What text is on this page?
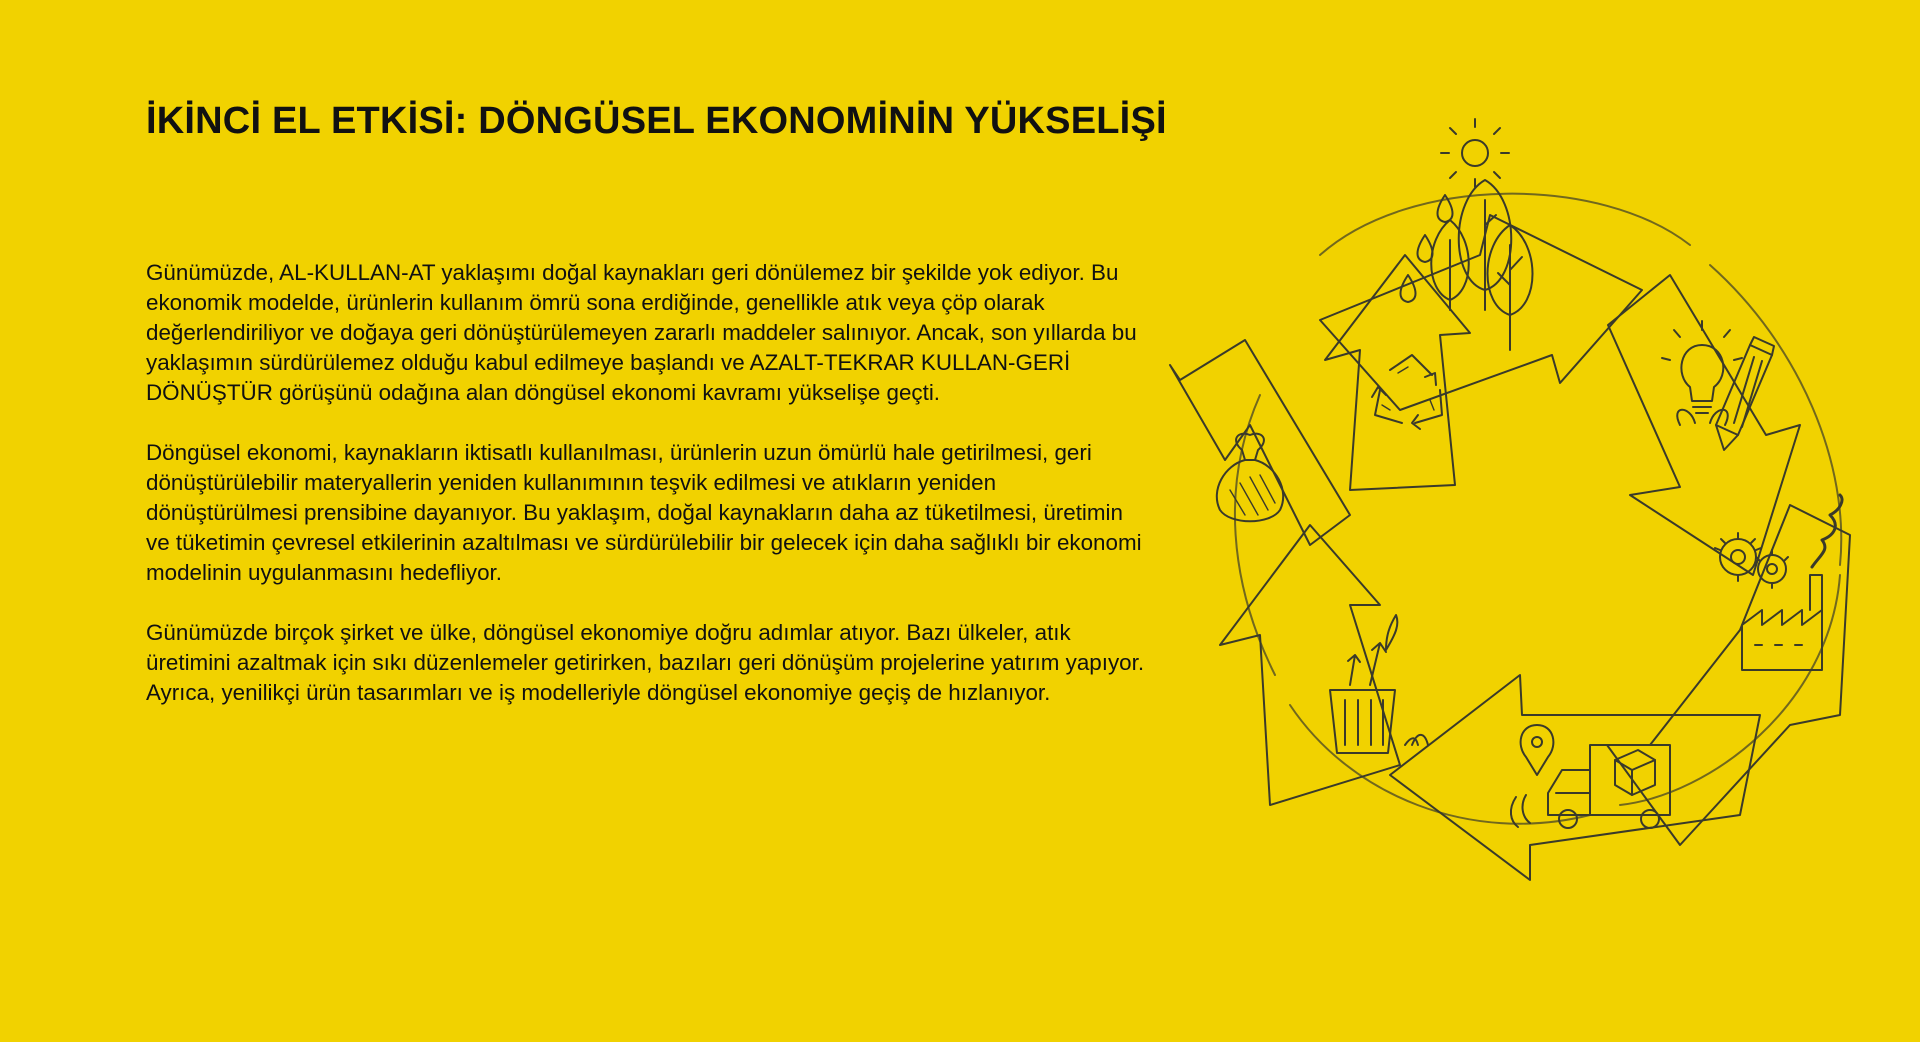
İKİNCİ EL ETKİSİ: DÖNGÜSEL EKONOMİNİN YÜKSELİŞİ

Günümüzde, AL-KULLAN-AT yaklaşımı doğal kaynakları geri dönülemez bir şekilde yok ediyor. Bu ekonomik modelde, ürünlerin kullanım ömrü sona erdiğinde, genellikle atık veya çöp olarak değerlendiriliyor ve doğaya geri dönüştürülemeyen zararlı maddeler salınıyor. Ancak, son yıllarda bu yaklaşımın sürdürülemez olduğu kabul edilmeye başlandı ve AZALT-TEKRAR KULLAN-GERİ DÖNÜŞTÜR görüşünü odağına alan döngüsel ekonomi kavramı yükselişe geçti.

Döngüsel ekonomi, kaynakların iktisatlı kullanılması, ürünlerin uzun ömürlü hale getirilmesi, geri dönüştürülebilir materyallerin yeniden kullanımının teşvik edilmesi ve atıkların yeniden dönüştürülmesi prensibine dayanıyor. Bu yaklaşım, doğal kaynakların daha az tüketilmesi, üretimin ve tüketimin çevresel etkilerinin azaltılması ve sürdürülebilir bir gelecek için daha sağlıklı bir ekonomi modelinin uygulanmasını hedefliyor.

Günümüzde birçok şirket ve ülke, döngüsel ekonomiye doğru adımlar atıyor. Bazı ülkeler, atık üretimini azaltmak için sıkı düzenlemeler getirirken, bazıları geri dönüşüm projelerine yatırım yapıyor. Ayrıca, yenilikçi ürün tasarımları ve iş modelleriyle döngüsel ekonomiye geçiş de hızlanıyor.
